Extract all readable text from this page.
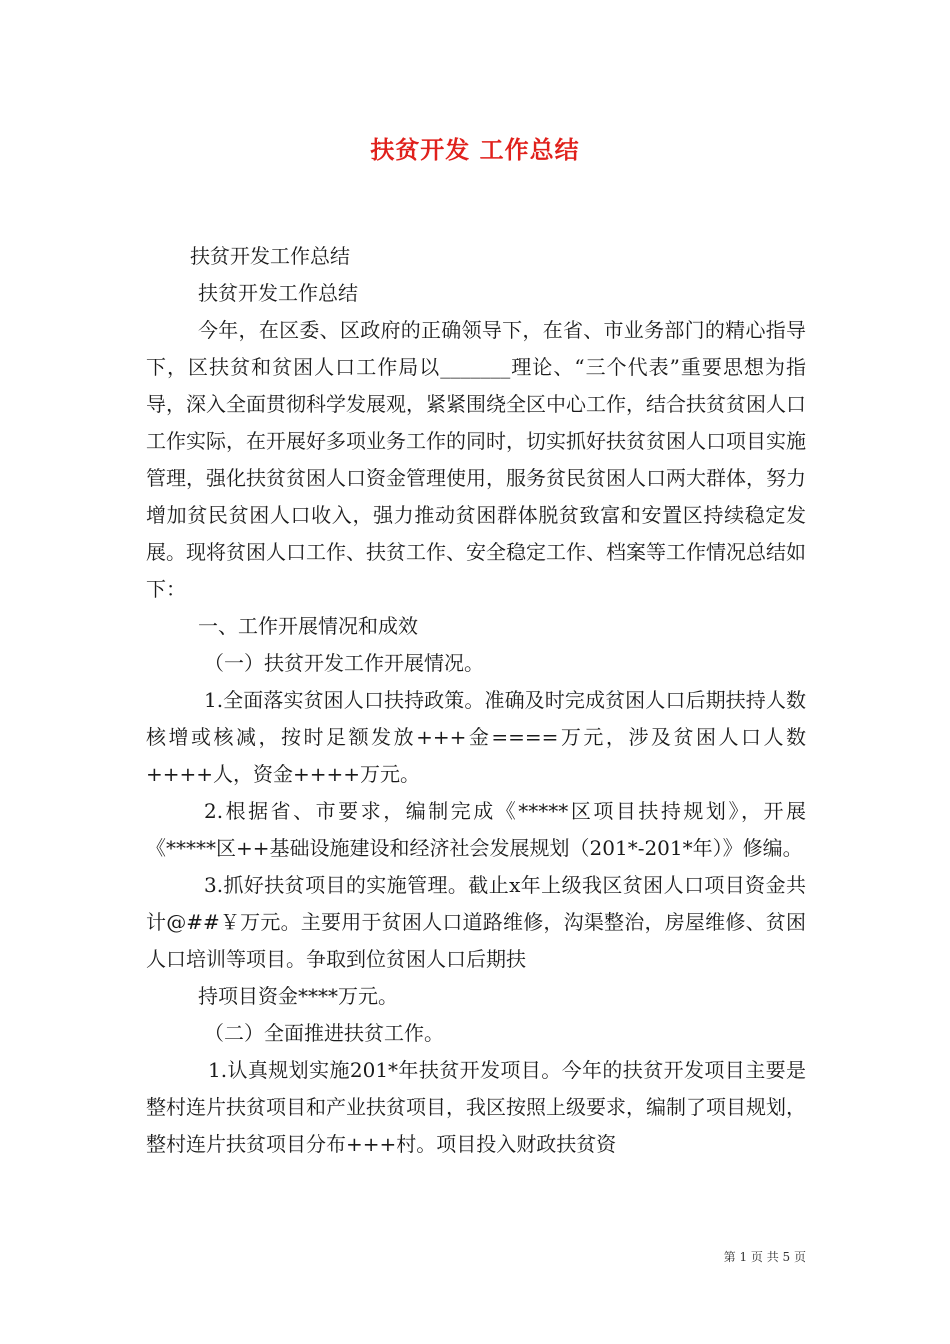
扶贫开发 工作总结

扶贫开发工作总结

扶贫开发工作总结

今年，在区委、区政府的正确领导下，在省、市业务部门的精心指导下，区扶贫和贫困人口工作局以_______理论、“三个代表”重要思想为指导，深入全面贯彻科学发展观，紧紧围绕全区中心工作，结合扶贫贫困人口工作实际，在开展好多项业务工作的同时，切实抓好扶贫贫困人口项目实施管理，强化扶贫贫困人口资金管理使用，服务贫民贫困人口两大群体，努力增加贫民贫困人口收入，强力推动贫困群体脱贫致富和安置区持续稳定发展。现将贫困人口工作、扶贫工作、安全稳定工作、档案等工作情况总结如下：

一、工作开展情况和成效

（一）扶贫开发工作开展情况。

1.全面落实贫困人口扶持政策。准确及时完成贫困人口后期扶持人数核增或核减，按时足额发放+++金====万元，涉及贫困人口人数++++人，资金++++万元。

2.根据省、市要求，编制完成《*****区项目扶持规划》，开展《*****区++基础设施建设和经济社会发展规划（201*-201*年）》修编。

3.抓好扶贫项目的实施管理。截止x年上级我区贫困人口项目资金共计@##￥万元。主要用于贫困人口道路维修，沟渠整治，房屋维修、贫困人口培训等项目。争取到位贫困人口后期扶

持项目资金****万元。

（二）全面推进扶贫工作。

1.认真规划实施201*年扶贫开发项目。今年的扶贫开发项目主要是整村连片扶贫项目和产业扶贫项目，我区按照上级要求，编制了项目规划，整村连片扶贫项目分布+++村。项目投入财政扶贫资

第 1 页 共 5 页
